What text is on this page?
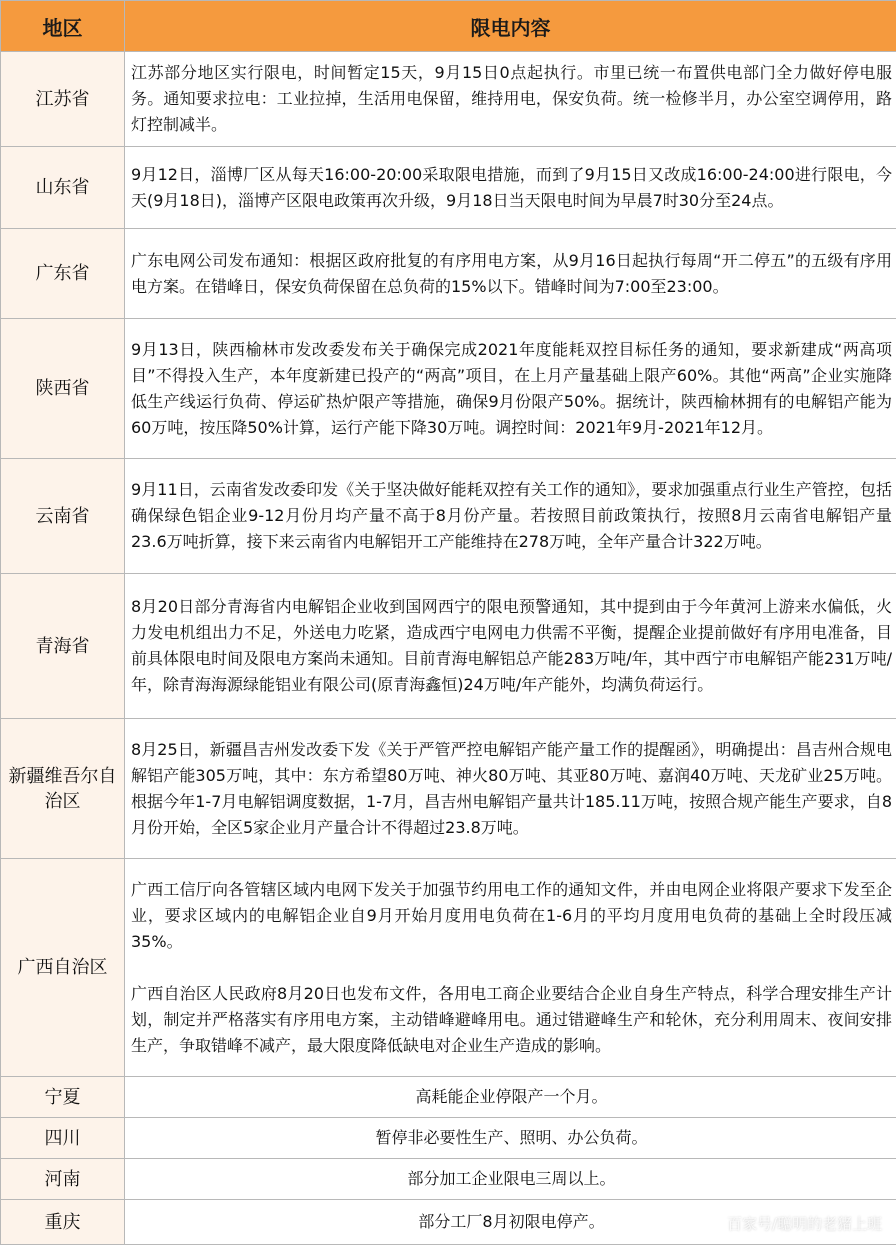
地区	限电内容
江苏省	江苏部分地区实行限电，时间暂定15天，9月15日0点起执行。市里已统一布置供电部门全力做好停电服务。通知要求拉电：工业拉掉，生活用电保留，维持用电，保安负荷。统一检修半月，办公室空调停用，路灯控制减半。

山东省	9月12日，淄博厂区从每天16:00-20:00采取限电措施，而到了9月15日又改成16:00-24:00进行限电，今天(9月18日)，淄博产区限电政策再次升级，9月18日当天限电时间为早晨7时30分至24点。

广东省	广东电网公司发布通知：根据区政府批复的有序用电方案，从9月16日起执行每周“开二停五”的五级有序用电方案。在错峰日，保安负荷保留在总负荷的15%以下。错峰时间为7:00至23:00。

陕西省	9月13日，陕西榆林市发改委发布关于确保完成2021年度能耗双控目标任务的通知，要求新建成“两高项目”不得投入生产，本年度新建已投产的“两高”项目，在上月产量基础上限产60%。其他“两高”企业实施降低生产线运行负荷、停运矿热炉限产等措施，确保9月份限产50%。据统计，陕西榆林拥有的电解铝产能为60万吨，按压降50%计算，运行产能下降30万吨。调控时间：2021年9月-2021年12月。

云南省	9月11日，云南省发改委印发《关于坚决做好能耗双控有关工作的通知》，要求加强重点行业生产管控，包括确保绿色铝企业9-12月份月均产量不高于8月份产量。若按照目前政策执行，按照8月云南省电解铝产量23.6万吨折算，接下来云南省内电解铝开工产能维持在278万吨，全年产量合计322万吨。

青海省	8月20日部分青海省内电解铝企业收到国网西宁的限电预警通知，其中提到由于今年黄河上游来水偏低，火力发电机组出力不足，外送电力吃紧，造成西宁电网电力供需不平衡，提醒企业提前做好有序用电准备，目前具体限电时间及限电方案尚未通知。目前青海电解铝总产能283万吨/年，其中西宁市电解铝产能231万吨/年，除青海海源绿能铝业有限公司(原青海鑫恒)24万吨/年产能外，均满负荷运行。

新疆维吾尔自治区	8月25日，新疆昌吉州发改委下发《关于严管严控电解铝产能产量工作的提醒函》，明确提出：昌吉州合规电解铝产能305万吨，其中：东方希望80万吨、神火80万吨、其亚80万吨、嘉润40万吨、天龙矿业25万吨。根据今年1-7月电解铝调度数据，1-7月，昌吉州电解铝产量共计185.11万吨，按照合规产能生产要求，自8月份开始，全区5家企业月产量合计不得超过23.8万吨。

广西自治区	广西工信厅向各管辖区域内电网下发关于加强节约用电工作的通知文件，并由电网企业将限产要求下发至企业，要求区域内的电解铝企业自9月开始月度用电负荷在1-6月的平均月度用电负荷的基础上全时段压减35%。

广西自治区人民政府8月20日也发布文件，各用电工商企业要结合企业自身生产特点，科学合理安排生产计划，制定并严格落实有序用电方案，主动错峰避峰用电。通过错避峰生产和轮休，充分利用周末、夜间安排生产，争取错峰不减产，最大限度降低缺电对企业生产造成的影响。

宁夏	高耗能企业停限产一个月。

四川	暂停非必要性生产、照明、办公负荷。

河南	部分加工企业限电三周以上。

重庆	部分工厂8月初限电停产。	百家号/聪明的老猪上班
